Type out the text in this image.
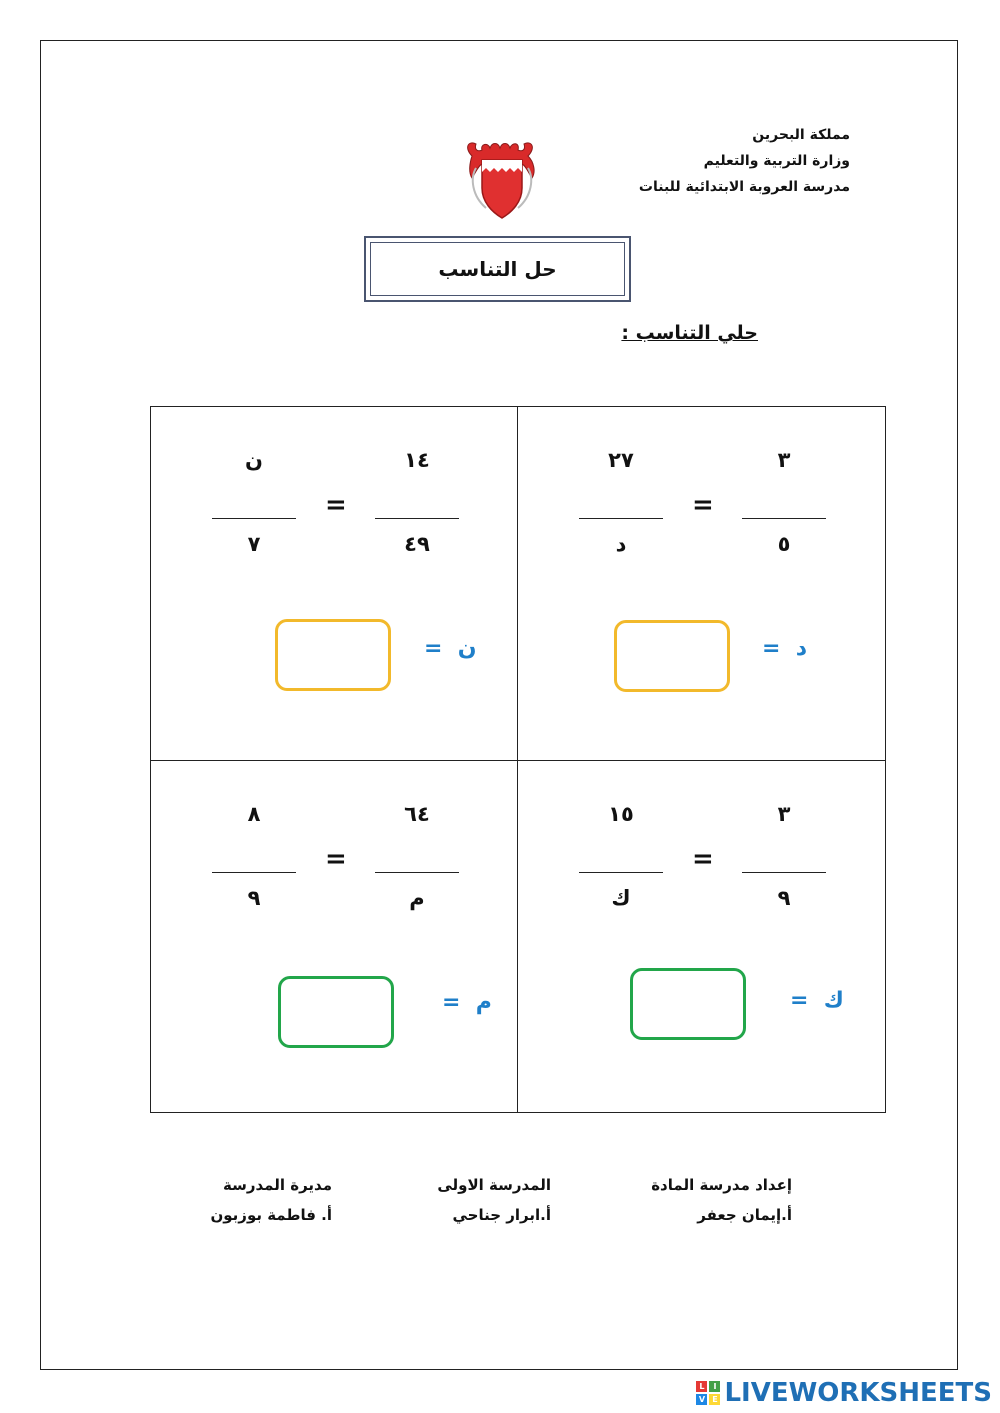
مملكة البحرين
وزارة التربية والتعليم
مدرسة العروبة الابتدائية للبنات
حل التناسب
حلي التناسب :
٣
٥
=
٢٧
د
د  =
١٤
٤٩
=
ن
٧
ن  =
٣
٩
=
١٥
ك
ك  =
٦٤
م
=
٨
٩
م  =
إعداد مدرسة المادة
أ.إيمان جعفر
المدرسة الاولى
أ.ابرار جناحي
مديرة المدرسة
أ. فاطمة بوزبون
L	I
V E LIVEWORKSHEETS
